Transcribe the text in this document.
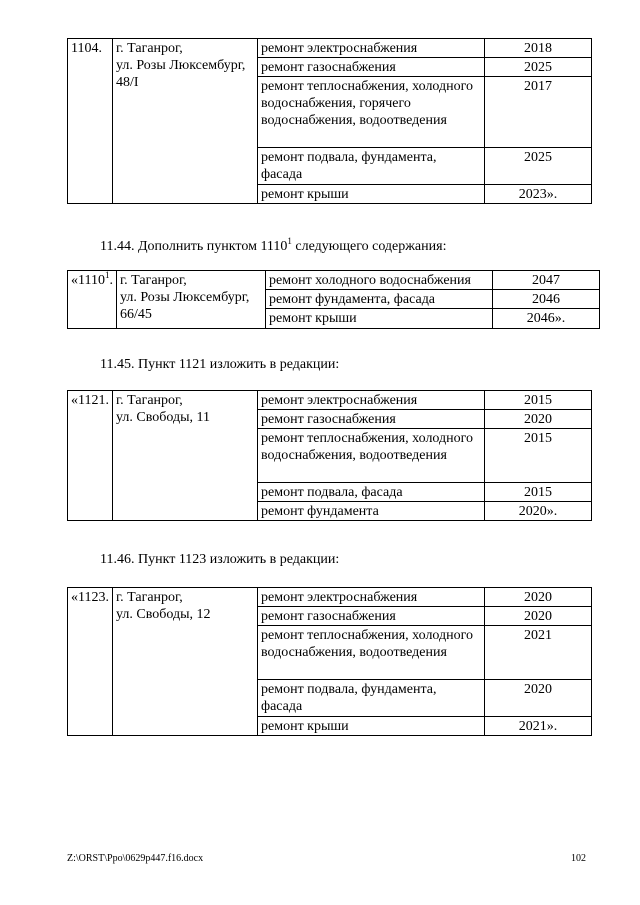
1104.	г. Таганрог,
ул. Розы Люксембург,
48/I	ремонт электроснабжения	2018
		ремонт газоснабжения	2025
		ремонт теплоснабжения, холодного водоснабжения, горячего водоснабжения, водоотведения	2017
		ремонт подвала, фундамента, фасада	2025
		ремонт крыши	2023».
11.44. Дополнить пунктом 1110$^1$ следующего содержания:
«1110$^1$.	г. Таганрог,
ул. Розы Люксембург,
66/45	ремонт холодного водоснабжения	2047
		ремонт фундамента, фасада	2046
		ремонт крыши	2046».
11.45. Пункт 1121 изложить в редакции:
«1121.	г. Таганрог,
ул. Свободы, 11	ремонт электроснабжения	2015
		ремонт газоснабжения	2020
		ремонт теплоснабжения, холодного водоснабжения, водоотведения	2015
		ремонт подвала, фасада	2015
		ремонт фундамента	2020».
11.46. Пункт 1123 изложить в редакции:
«1123.	г. Таганрог,
ул. Свободы, 12	ремонт электроснабжения	2020
		ремонт газоснабжения	2020
		ремонт теплоснабжения, холодного водоснабжения, водоотведения	2021
		ремонт подвала, фундамента, фасада	2020
		ремонт крыши	2021».
Z:\ORST\Ppo\0629p447.f16.docx	102
